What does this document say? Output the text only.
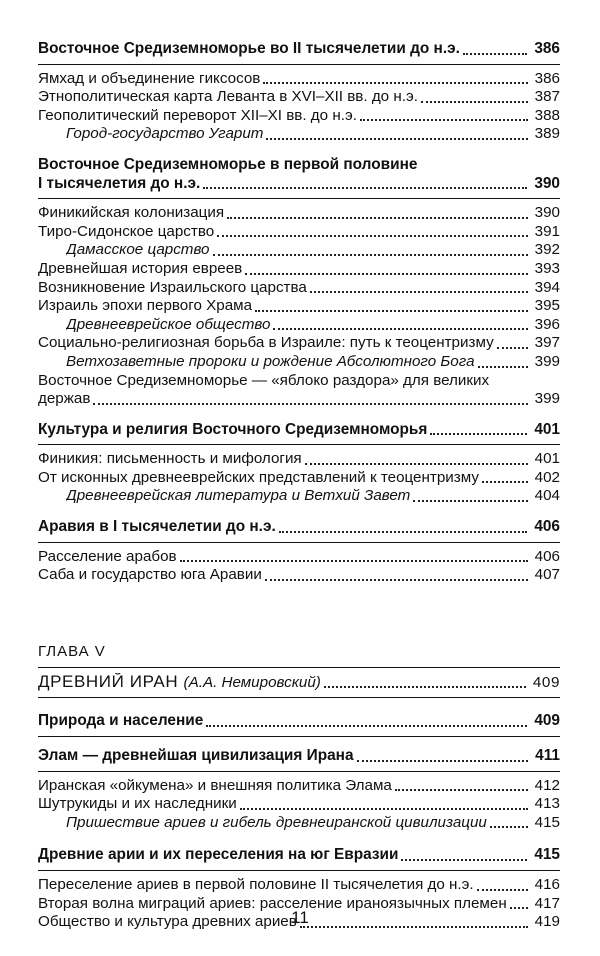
Восточное Средиземноморье во II тысячелетии до н.э.	386
Ямхад и объединение гиксосов	386
Этнополитическая карта Леванта в XVI–XII вв. до н.э.	387
Геополитический переворот XII–XI вв. до н.э.	388
Город-государство Угарит	389
Восточное Средиземноморье в первой половине
I тысячелетия до н.э.	390
Финикийская колонизация	390
Тиро-Сидонское царство	391
Дамасское царство	392
Древнейшая история евреев	393
Возникновение Израильского царства	394
Израиль эпохи первого Храма	395
Древнееврейское общество	396
Социально-религиозная борьба в Израиле: путь к теоцентризму	397
Ветхозаветные пророки и рождение Абсолютного Бога	399
Восточное Средиземноморье — «яблоко раздора» для великих
держав	399
Культура и религия Восточного Средиземноморья	401
Финикия: письменность и мифология	401
От исконных древнееврейских представлений к теоцентризму	402
Древнееврейская литература и Ветхий Завет	404
Аравия в I тысячелетии до н.э.	406
Расселение арабов	406
Саба и государство юга Аравии	407
ГЛАВА V
ДРЕВНИЙ ИРАН (А.А. Немировский)	409
Природа и население	409
Элам — древнейшая цивилизация Ирана	411
Иранская «ойкумена» и внешняя политика Элама	412
Шутрукиды и их наследники	413
Пришествие ариев и гибель древнеиранской цивилизации	415
Древние арии и их переселения на юг Евразии	415
Переселение ариев в первой половине II тысячелетия до н.э.	416
Вторая волна миграций ариев: расселение ираноязычных племен 417
Общество и культура древних ариев	419
11
